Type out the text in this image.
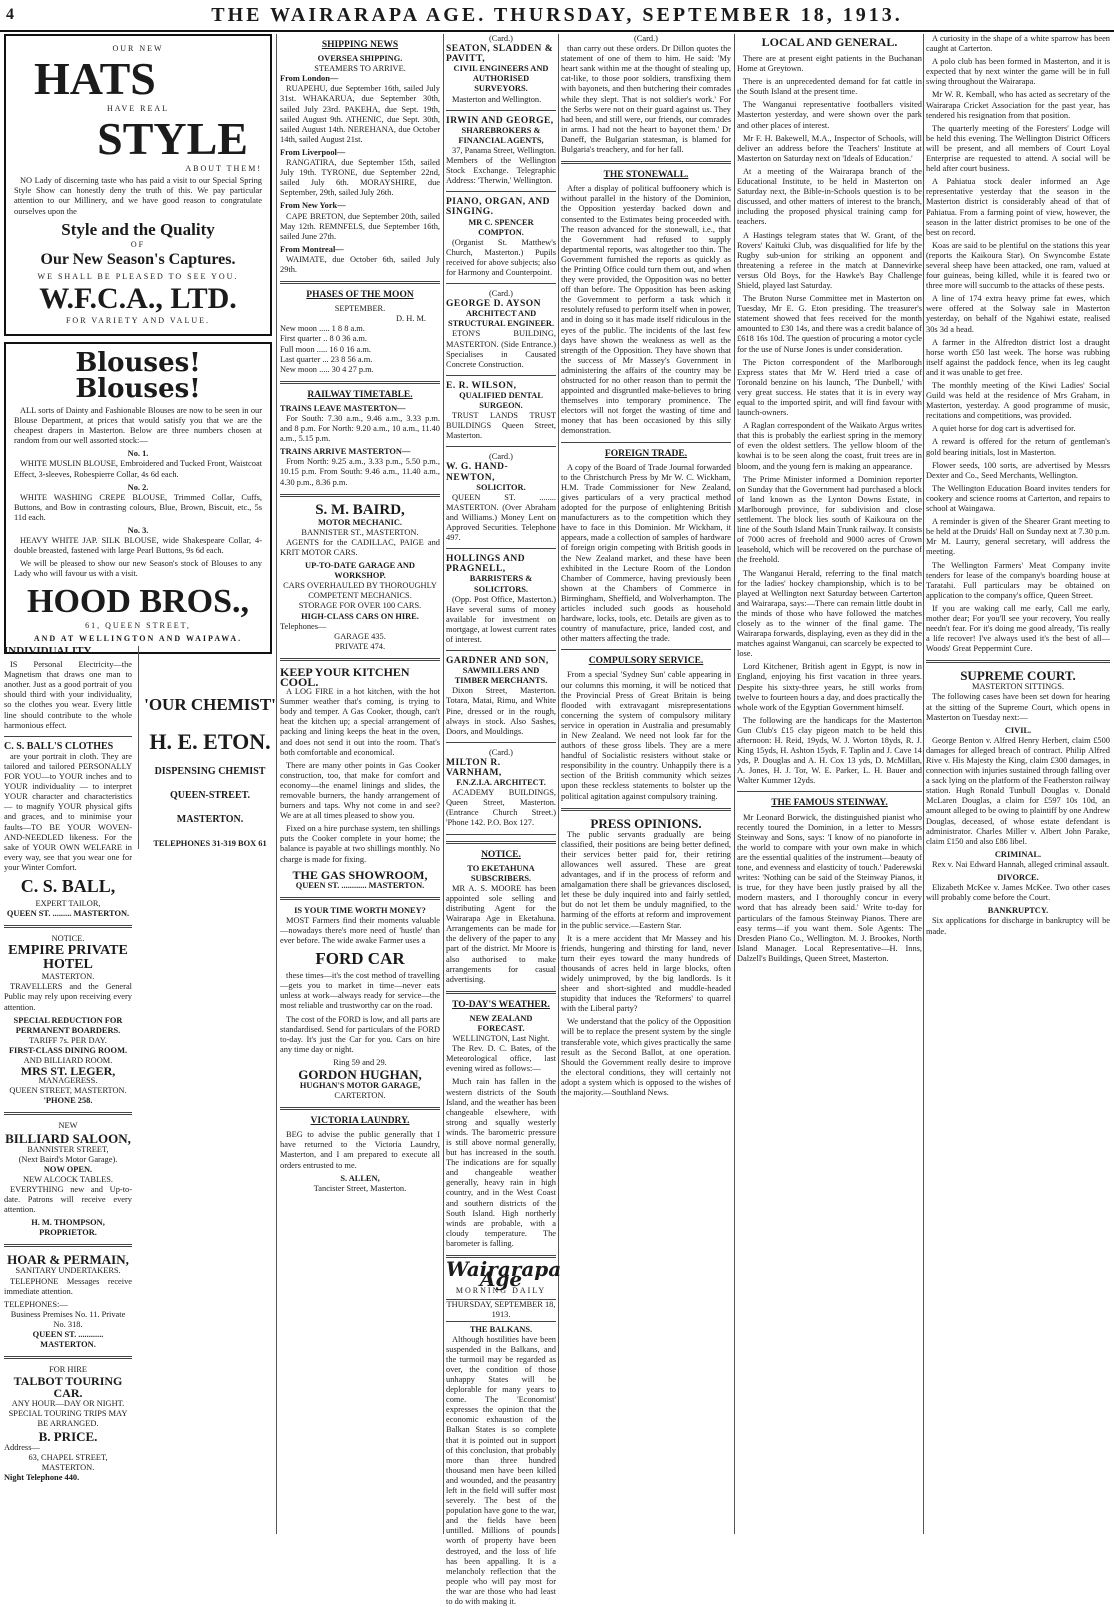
4	THE WAIRARAPA AGE. THURSDAY, SEPTEMBER 18, 1913.
OUR NEW
HATS
HAVE REAL
STYLE
ABOUT THEM!

NO Lady of discerning taste who has paid a visit to our Special Spring Style Show can honestly deny the truth of this. We pay particular attention to our Millinery, and we have good reason to congratulate ourselves upon the

Style and the Quality
OF
Our New Season's Captures.
WE SHALL BE PLEASED TO SEE YOU.
W.F.C.A., LTD.
FOR VARIETY AND VALUE.
Blouses! Blouses!

ALL sorts of Dainty and Fashionable Blouses are now to be seen in our Blouse Department, at prices that would satisfy you that we are the cheapest drapers in Masterton. Below are three numbers chosen at random from our well assorted stock:—

No. 1.

WHITE MUSLIN BLOUSE, Embroidered and Tucked Front, Waistcoat Effect, 3-sleeves, Robespierre Collar, 4s 6d each.

No. 2.

WHITE WASHING CREPE BLOUSE, Trimmed Collar, Cuffs, Buttons, and Bow in contrasting colours, Blue, Brown, Biscuit, etc., 5s 11d each.

No. 3.

HEAVY WHITE JAP. SILK BLOUSE, wide Shakespeare Collar, 4-double breasted, fastened with large Pearl Buttons, 9s 6d each.

We will be pleased to show our new Season's stock of Blouses to any Lady who will favour us with a visit.

HOOD BROS.,
61, QUEEN STREET,
AND AT WELLINGTON AND WAIPAWA.
INDIVIDUALITY

IS Personal Electricity—the Magnetism that draws one man to another. Just as a good portrait of you should third with your individuality, so the clothes you wear. Every little line should contribute to the whole harmonious effect.

C. S. BALL'S CLOTHES

are your portrait in cloth. They are tailored and tailored PERSONALLY FOR YOU—to YOUR inches and to YOUR individuality — to interpret YOUR character and characteristics — to magnify YOUR physical gifts and graces, and to minimise your faults—TO BE YOUR WOVEN-AND-NEEDLED likeness. For the sake of YOUR OWN WELFARE in every way, see that you wear one for your Winter Comfort.

C. S. BALL,
EXPERT TAILOR,
QUEEN ST. ......... MASTERTON.
NOTICE.
EMPIRE PRIVATE HOTEL
MASTERTON.

TRAVELLERS and the General Public may rely upon receiving every attention.

SPECIAL REDUCTION FOR PERMANENT BOARDERS.
TARIFF 7s. PER DAY.
FIRST-CLASS DINING ROOM.
AND BILLIARD ROOM.
MRS ST. LEGER,
MANAGERESS.
QUEEN STREET, MASTERTON.
'PHONE 258.
NEW
BILLIARD SALOON,
BANNISTER STREET,
(Next Baird's Motor Garage).
NOW OPEN.
NEW ALCOCK TABLES.

EVERYTHING new and Up-to-date. Patrons will receive every attention.

H. M. THOMPSON, PROPRIETOR.
HOAR & PERMAIN,
SANITARY UNDERTAKERS.

TELEPHONE Messages receive immediate attention.

TELEPHONES:—
Business Premises No. 11. Private No. 318.
QUEEN ST. ............ MASTERTON.
FOR HIRE
TALBOT TOURING CAR.
ANY HOUR—DAY OR NIGHT.
SPECIAL TOURING TRIPS MAY BE ARRANGED.
B. PRICE.
Address—
63, CHAPEL STREET, MASTERTON.
Night Telephone 440.
'OUR CHEMIST'
H. E. ETON.
DISPENSING CHEMIST
QUEEN-STREET.
MASTERTON.
TELEPHONES 31-319 BOX 61
SHIPPING NEWS
OVERSEA SHIPPING.
STEAMERS TO ARRIVE.
From London—

RUAPEHU, due September 16th, sailed July 31st. WHAKARUA, due September 30th, sailed July 23rd. PAKEHA, due Sept. 19th, sailed August 9th. ATHENIC, due Sept. 30th, sailed August 14th. NEREHANA, due October 14th, sailed August 21st.

From Liverpool—

RANGATIRA, due September 15th, sailed July 19th. TYRONE, due September 22nd, sailed July 6th. MORAYSHIRE, due September, 29th, sailed July 26th.

From New York—

CAPE BRETON, due September 20th, sailed May 12th. REMNFELS, due September 16th, sailed June 27th.

From Montreal—

WAIMATE, due October 6th, sailed July 29th.

PHASES OF THE MOON
SEPTEMBER.
D. H. M.
New moon ..... 1 8 8 a.m.
First quarter .. 8 0 36 a.m.
Full moon ..... 16 0 16 a.m.
Last quarter ... 23 8 56 a.m.
New moon ..... 30 4 27 p.m.
RAILWAY TIMETABLE.
TRAINS LEAVE MASTERTON—

For South: 7.30 a.m., 9.46 a.m., 3.33 p.m. and 8 p.m. For North: 9.20 a.m., 10 a.m., 11.40 a.m., 5.15 p.m.

TRAINS ARRIVE MASTERTON—

From North: 9.25 a.m., 3.33 p.m., 5.50 p.m., 10.15 p.m. From South: 9.46 a.m., 11.40 a.m., 4.30 p.m., 8.36 p.m.

S. M. BAIRD,
MOTOR MECHANIC.
BANNISTER ST., MASTERTON.

AGENTS for the CADILLAC, PAIGE and KRIT MOTOR CARS.

UP-TO-DATE GARAGE AND WORKSHOP.
CARS OVERHAULED BY THOROUGHLY COMPETENT MECHANICS.
STORAGE FOR OVER 100 CARS.
HIGH-CLASS CARS ON HIRE.
Telephones—
GARAGE 435.
PRIVATE 474.
KEEP YOUR KITCHEN COOL.

A LOG FIRE in a hot kitchen, with the hot Summer weather that's coming, is trying to body and temper. A Gas Cooker, though, can't heat the kitchen up; a special arrangement of packing and lining keeps the heat in the oven, and does not send it out into the room. That's both comfortable and economical.

There are many other points in Gas Cooker construction, too, that make for comfort and economy—the enamel linings and slides, the removable burners, the handy arrangement of burners and taps. Why not come in and see? We are at all times pleased to show you.

Fixed on a hire purchase system, ten shillings puts the Cooker complete in your home; the balance is payable at two shillings monthly. No charge is made for fixing.

THE GAS SHOWROOM,
QUEEN ST. ............ MASTERTON.
IS YOUR TIME WORTH MONEY?

MOST Farmers find their moments valuable—nowadays there's more need of 'hustle' than ever before. The wide awake Farmer uses a

FORD CAR

these times—it's the cost method of travelling—gets you to market in time—never eats unless at work—always ready for service—the most reliable and trustworthy car on the road.

The cost of the FORD is low, and all parts are standardised. Send for particulars of the FORD to-day. It's just the Car for you. Cars on hire any time day or night.

Ring 59 and 29.
GORDON HUGHAN,
HUGHAN'S MOTOR GARAGE,
CARTERTON.
VICTORIA LAUNDRY.

BEG to advise the public generally that I have returned to the Victoria Laundry, Masterton, and I am prepared to execute all orders entrusted to me.

S. ALLEN,
Tancister Street, Masterton.
(Card.)
SEATON, SLADDEN & PAVITT,
CIVIL ENGINEERS AND AUTHORISED SURVEYORS.

Masterton and Wellington.

IRWIN AND GEORGE,
SHAREBROKERS & FINANCIAL AGENTS,

37, Panama Street, Wellington. Members of the Wellington Stock Exchange. Telegraphic Address: 'Therwin,' Wellington.

PIANO, ORGAN, AND SINGING.
MR C. SPENCER COMPTON.

(Organist St. Matthew's Church, Masterton.) Pupils received for above subjects; also for Harmony and Counterpoint.

(Card.)
GEORGE D. AYSON
ARCHITECT AND STRUCTURAL ENGINEER.

ETON'S BUILDING, MASTERTON. (Side Entrance.) Specialises in Causated Concrete Construction.

E. R. WILSON,
QUALIFIED DENTAL SURGEON.

TRUST LANDS TRUST BUILDINGS Queen Street, Masterton.

(Card.)
W. G. HAND-NEWTON,
SOLICITOR.

QUEEN ST. ........ MASTERTON. (Over Abraham and Williams.) Money Lent on Approved Securities. Telephone 497.

HOLLINGS AND PRAGNELL,
BARRISTERS & SOLICITORS.

(Opp. Post Office, Masterton.) Have several sums of money available for investment on mortgage, at lowest current rates of interest.

GARDNER AND SON,
SAWMILLERS AND TIMBER MERCHANTS.

Dixon Street, Masterton. Totara, Matai, Rimu, and White Pine, dressed or in the rough, always in stock. Also Sashes, Doors, and Mouldings.

(Card.)
MILTON R. VARNHAM,
F.N.Z.I.A. ARCHITECT.

ACADEMY BUILDINGS, Queen Street, Masterton. (Entrance Church Street.) 'Phone 142. P.O. Box 127.

NOTICE.
TO EKETAHUNA SUBSCRIBERS.

MR A. S. MOORE has been appointed sole selling and distributing Agent for the Wairarapa Age in Eketahuna. Arrangements can be made for the delivery of the paper to any part of the district. Mr Moore is also authorised to make arrangements for casual advertising.

TO-DAY'S WEATHER.
NEW ZEALAND FORECAST.
WELLINGTON, Last Night.

The Rev. D. C. Bates, of the Meteorological office, last evening wired as follows:—

Much rain has fallen in the western districts of the South Island, and the weather has been changeable elsewhere, with strong and squally westerly winds. The barometric pressure is still above normal generally, but has increased in the south. The indications are for squally and changeable weather generally, heavy rain in high country, and in the West Coast and southern districts of the South Island. High northerly winds are probable, with a cloudy temperature. The barometer is falling.

Wairarapa Age
MORNING DAILY
THURSDAY, SEPTEMBER 18, 1913.
THE BALKANS.

Although hostilities have been suspended in the Balkans, and the turmoil may be regarded as over, the condition of those unhappy States will be deplorable for many years to come. The 'Economist' expresses the opinion that the economic exhaustion of the Balkan States is so complete that it is pointed out in support of this conclusion, that probably more than three hundred thousand men have been killed and wounded, and the peasantry left in the field will suffer most severely. The best of the population have gone to the war, and the fields have been untilled. Millions of pounds worth of property have been destroyed, and the loss of life has been appalling. It is a melancholy reflection that the people who will pay most for the war are those who had least to do with making it.

(Card.)

than carry out these orders. Dr Dillon quotes the statement of one of them to him. He said: 'My heart sank within me at the thought of stealing up, cat-like, to those poor soldiers, transfixing them with bayonets, and then butchering their comrades while they slept. That is not soldier's work.' For the Serbs were not on their guard against us. They had been, and still were, our friends, our comrades in arms. I had not the heart to bayonet them.' Dr Daneff, the Bulgarian statesman, is blamed for Bulgaria's treachery, and for her fall.

THE STONEWALL.

After a display of political buffoonery which is without parallel in the history of the Dominion, the Opposition yesterday backed down and consented to the Estimates being proceeded with. The reason advanced for the stonewall, i.e., that the Government had refused to supply departmental reports, was altogether too thin. The Government furnished the reports as quickly as the Printing Office could turn them out, and when they were provided, the Opposition was no better off than before. The Opposition has been asking the Government to perform a task which it resolutely refused to perform itself when in power, and in doing so it has made itself ridiculous in the eyes of the public. The incidents of the last few days have shown the weakness as well as the strength of the Opposition. They have shown that the success of Mr Massey's Government in administering the affairs of the country may be obstructed for no other reason than to permit the appointed and disgruntled make-believes to bring themselves into temporary prominence. The electors will not forget the wasting of time and money that has been occasioned by this silly demonstration.

FOREIGN TRADE.

A copy of the Board of Trade Journal forwarded to the Christchurch Press by Mr W. C. Wickham, H.M. Trade Commissioner for New Zealand, gives particulars of a very practical method adopted for the purpose of enlightening British manufacturers as to the competition which they have to face in this Dominion. Mr Wickham, it appears, made a collection of samples of hardware of foreign origin competing with British goods in the New Zealand market, and these have been exhibited in the Lecture Room of the London Chamber of Commerce, having previously been shown at the Chambers of Commerce in Birmingham, Sheffield, and Wolverhampton. The articles included such goods as household hardware, locks, tools, etc. Details are given as to country of manufacture, price, landed cost, and other matters affecting the trade.

COMPULSORY SERVICE.

From a special 'Sydney Sun' cable appearing in our columns this morning, it will be noticed that the Provincial Press of Great Britain is being flooded with extravagant misrepresentations concerning the system of compulsory military service in operation in Australia and presumably in New Zealand. We need not look far for the authors of these gross libels. They are a mere handful of Socialistic resisters without stake or responsibility in the country. Unhappily there is a section of the British community which seizes upon these reckless statements to bolster up the political agitation against compulsory training.

PRESS OPINIONS.

The public servants gradually are being classified, their positions are being better defined, their services better paid for, their retiring allowances well assured. These are great advantages, and if in the process of reform and amalgamation there shall be grievances disclosed, let these be duly inquired into and fairly settled, but do not let them be unduly magnified, to the harming of the efforts at reform and improvement in the public service.—Eastern Star.

It is a mere accident that Mr Massey and his friends, hungering and thirsting for land, never turn their eyes toward the many hundreds of thousands of acres held in large blocks, often widely unimproved, by the big landlords. Is it sheer and short-sighted and muddle-headed stupidity that induces the 'Reformers' to quarrel with the Liberal party?

We understand that the policy of the Opposition will be to replace the present system by the single transferable vote, which gives practically the same result as the Second Ballot, at one operation. Should the Government really desire to improve the electoral conditions, they will certainly not adopt a system which is opposed to the wishes of the majority.—Southland News.

LOCAL AND GENERAL.

There are at present eight patients in the Buchanan Home at Greytown.

There is an unprecedented demand for fat cattle in the South Island at the present time.

The Wanganui representative footballers visited Masterton yesterday, and were shown over the park and other places of interest.

Mr F. H. Bakewell, M.A., Inspector of Schools, will deliver an address before the Teachers' Institute at Masterton on Saturday next on 'Ideals of Education.'

At a meeting of the Wairarapa branch of the Educational Institute, to be held in Masterton on Saturday next, the Bible-in-Schools question is to be discussed, and other matters of interest to the branch, including the proposed physical training camp for teachers.

A Hastings telegram states that W. Grant, of the Rovers' Kaituki Club, was disqualified for life by the Rugby sub-union for striking an opponent and threatening a referee in the match at Dannevirke versus Old Boys, for the Hawke's Bay Challenge Shield, played last Saturday.

The Bruton Nurse Committee met in Masterton on Tuesday, Mr E. G. Eton presiding. The treasurer's statement showed that fees received for the month amounted to £30 14s, and there was a credit balance of £618 16s 10d. The question of procuring a motor cycle for the use of Nurse Jones is under consideration.

The Picton correspondent of the Marlborough Express states that Mr W. Herd tried a case of Toronald benzine on his launch, 'The Dunbell,' with very great success. He states that it is in every way equal to the imported spirit, and will find favour with launch-owners.

A Raglan correspondent of the Waikato Argus writes that this is probably the earliest spring in the memory of even the oldest settlers. The yellow bloom of the kowhai is to be seen along the coast, fruit trees are in bloom, and the young fern is making an appearance.

The Prime Minister informed a Dominion reporter on Sunday that the Government had purchased a block of land known as the Lynton Downs Estate, in Marlborough province, for subdivision and close settlement. The block lies south of Kaikoura on the line of the South Island Main Trunk railway. It consists of 7000 acres of freehold and 9000 acres of Crown leasehold, which will be recovered on the purchase of the freehold.

The Wanganui Herald, referring to the final match for the ladies' hockey championship, which is to be played at Wellington next Saturday between Carterton and Wairarapa, says:—There can remain little doubt in the minds of those who have followed the matches closely as to the winner of the final game. The Wairarapa forwards, displaying, even as they did in the matches against Wanganui, can scarcely be expected to lose.

Lord Kitchener, British agent in Egypt, is now in England, enjoying his first vacation in three years. Despite his sixty-three years, he still works from twelve to fourteen hours a day, and does practically the whole work of the Egyptian Government himself.

The following are the handicaps for the Masterton Gun Club's £15 clay pigeon match to be held this afternoon: H. Reid, 19yds, W. J. Worton 18yds, R. J. King 15yds, H. Ashton 15yds, F. Taplin and J. Cave 14 yds, P. Douglas and A. H. Cox 13 yds, D. McMillan, A. Jones, H. J. Tor, W. E. Parker, L. H. Bauer and Walter Kummer 12yds.

THE FAMOUS STEINWAY.

Mr Leonard Borwick, the distinguished pianist who recently toured the Dominion, in a letter to Messrs Steinway and Sons, says: 'I know of no pianoforte in the world to compare with your own make in which are the essential qualities of the instrument—beauty of tone, and evenness and elasticity of touch.' Paderewski writes: 'Nothing can be said of the Steinway Pianos, it is true, for they have been justly praised by all the modern masters, and I thoroughly concur in every word that has already been said.' Write to-day for particulars of the famous Steinway Pianos. There are easy terms—if you want them. Sole Agents: The Dresden Piano Co., Wellington. M. J. Brookes, North Island Manager. Local Representative—H. Inns, Dalzell's Buildings, Queen Street, Masterton.

A curiosity in the shape of a white sparrow has been caught at Carterton.

A polo club has been formed in Masterton, and it is expected that by next winter the game will be in full swing throughout the Wairarapa.

Mr W. R. Kemball, who has acted as secretary of the Wairarapa Cricket Association for the past year, has tendered his resignation from that position.

The quarterly meeting of the Foresters' Lodge will be held this evening. The Wellington District Officers will be present, and all members of Court Loyal Enterprise are requested to attend. A social will be held after court business.

A Pahiatua stock dealer informed an Age representative yesterday that the season in the Masterton district is considerably ahead of that of Pahiatua. From a farming point of view, however, the season in the latter district promises to be one of the best on record.

Koas are said to be plentiful on the stations this year (reports the Kaikoura Star). On Swyncombe Estate several sheep have been attacked, one ram, valued at four guineas, being killed, while it is feared two or three more will succumb to the attacks of these pests.

A line of 174 extra heavy prime fat ewes, which were offered at the Solway sale in Masterton yesterday, on behalf of the Ngahiwi estate, realised 30s 3d a head.

A farmer in the Alfredton district lost a draught horse worth £50 last week. The horse was rubbing itself against the paddock fence, when its leg caught and it was unable to get free.

The monthly meeting of the Kiwi Ladies' Social Guild was held at the residence of Mrs Graham, in Masterton, yesterday. A good programme of music, recitations and competitions, was provided.

A quiet horse for dog cart is advertised for.

A reward is offered for the return of gentleman's gold bearing initials, lost in Masterton.

Flower seeds, 100 sorts, are advertised by Messrs Dexter and Co., Seed Merchants, Wellington.

The Wellington Education Board invites tenders for cookery and science rooms at Carterton, and repairs to school at Waingawa.

A reminder is given of the Shearer Grant meeting to be held at the Druids' Hall on Sunday next at 7.30 p.m. Mr M. Laurry, general secretary, will address the meeting.

The Wellington Farmers' Meat Company invite tenders for lease of the company's boarding house at Taratahi. Full particulars may be obtained on application to the company's office, Queen Street.

If you are waking call me early, Call me early, mother dear; For you'll see your recovery, You really needn't fear. For it's doing me good already, 'Tis really a life recover! I've always used it's the best of all—Woods' Great Peppermint Cure.

SUPREME COURT.
MASTERTON SITTINGS.

The following cases have been set down for hearing at the sitting of the Supreme Court, which opens in Masterton on Tuesday next:—

CIVIL.

George Benton v. Alfred Henry Herbert, claim £500 damages for alleged breach of contract. Philip Alfred Rive v. His Majesty the King, claim £300 damages, in connection with injuries sustained through falling over a sack lying on the platform of the Featherston railway station. Hugh Ronald Tunbull Douglas v. Donald McLaren Douglas, a claim for £597 10s 10d, an amount alleged to be owing to plaintiff by one Andrew Douglas, deceased, of whose estate defendant is administrator. Charles Miller v. Albert John Parake, claim £150 and also £86 libel.

CRIMINAL.

Rex v. Nai Edward Hannah, alleged criminal assault.

DIVORCE.

Elizabeth McKee v. James McKee. Two other cases will probably come before the Court.

BANKRUPTCY.

Six applications for discharge in bankruptcy will be made.
